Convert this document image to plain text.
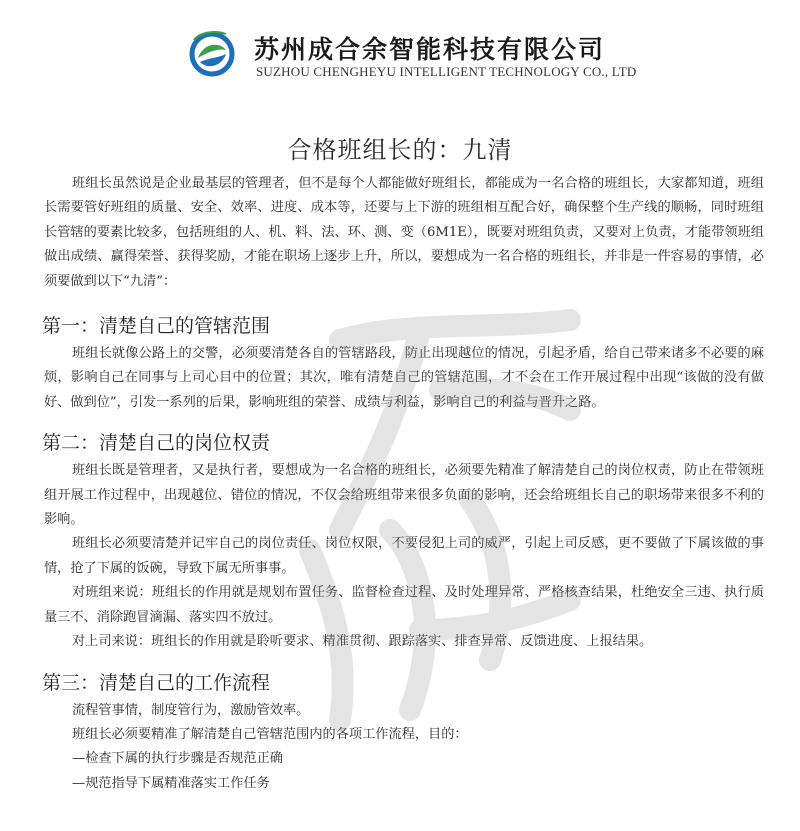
苏州成合余智能科技有限公司
SUZHOU CHENGHEYU INTELLIGENT TECHNOLOGY CO., LTD
合格班组长的：九清

班组长虽然说是企业最基层的管理者，但不是每个人都能做好班组长，都能成为一名合格的班组长，大家都知道，班组长需要管好班组的质量、安全、效率、进度、成本等，还要与上下游的班组相互配合好，确保整个生产线的顺畅，同时班组长管辖的要素比较多，包括班组的人、机、料、法、环、测、变（6M1E），既要对班组负责，又要对上负责，才能带领班组做出成绩、赢得荣誉、获得奖励，才能在职场上逐步上升，所以，要想成为一名合格的班组长，并非是一件容易的事情，必须要做到以下“九清”：

第一：清楚自己的管辖范围

班组长就像公路上的交警，必须要清楚各自的管辖路段，防止出现越位的情况，引起矛盾，给自己带来诸多不必要的麻烦，影响自己在同事与上司心目中的位置；其次，唯有清楚自己的管辖范围，才不会在工作开展过程中出现“该做的没有做好、做到位”，引发一系列的后果，影响班组的荣誉、成绩与利益，影响自己的利益与晋升之路。

第二：清楚自己的岗位权责

班组长既是管理者，又是执行者，要想成为一名合格的班组长，必须要先精准了解清楚自己的岗位权责，防止在带领班组开展工作过程中，出现越位、错位的情况，不仅会给班组带来很多负面的影响，还会给班组长自己的职场带来很多不利的影响。

班组长必须要清楚并记牢自己的岗位责任、岗位权限，不要侵犯上司的威严，引起上司反感，更不要做了下属该做的事情，抢了下属的饭碗，导致下属无所事事。

对班组来说：班组长的作用就是规划布置任务、监督检查过程、及时处理异常、严格核查结果，杜绝安全三违、执行质量三不、消除跑冒滴漏、落实四不放过。

对上司来说：班组长的作用就是聆听要求、精准贯彻、跟踪落实、排查异常、反馈进度、上报结果。

第三：清楚自己的工作流程

流程管事情，制度管行为，激励管效率。

班组长必须要精准了解清楚自己管辖范围内的各项工作流程，目的：

—检查下属的执行步骤是否规范正确

—规范指导下属精准落实工作任务
